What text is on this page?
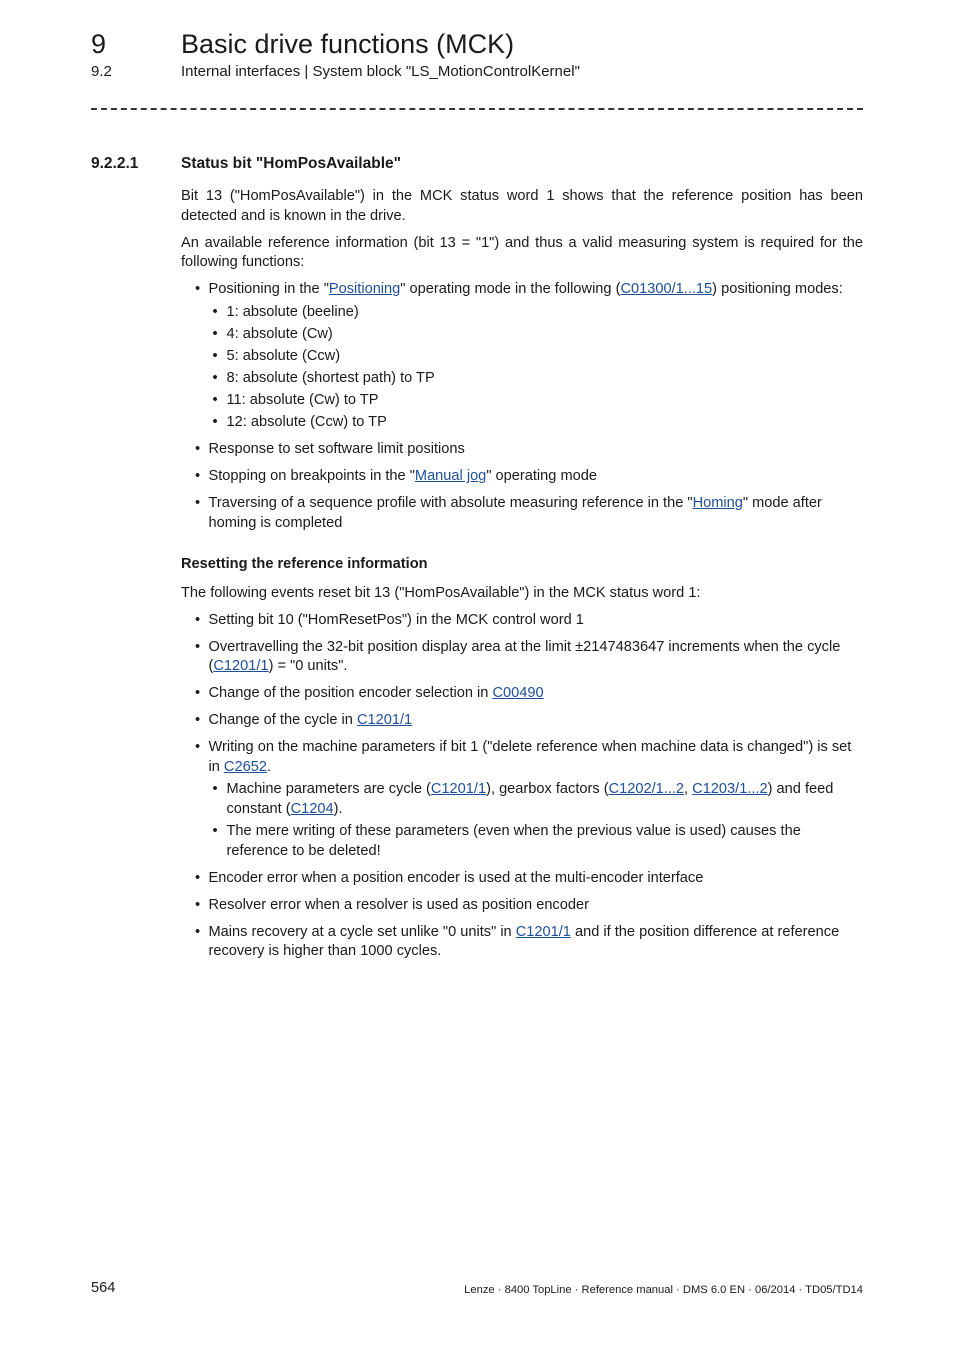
9	Basic drive functions (MCK)
9.2	Internal interfaces | System block "LS_MotionControlKernel"
9.2.2.1	Status bit "HomPosAvailable"

Bit 13 ("HomPosAvailable") in the MCK status word 1 shows that the reference position has been detected and is known in the drive.

An available reference information (bit 13 = "1") and thus a valid measuring system is required for the following functions:

• Positioning in the "Positioning" operating mode in the following (C01300/1...15) positioning modes:
• 1: absolute (beeline)
• 4: absolute (Cw)
• 5: absolute (Ccw)
• 8: absolute (shortest path) to TP
• 11: absolute (Cw) to TP
• 12: absolute (Ccw) to TP
• Response to set software limit positions
• Stopping on breakpoints in the "Manual jog" operating mode
• Traversing of a sequence profile with absolute measuring reference in the "Homing" mode after homing is completed
Resetting the reference information

The following events reset bit 13 ("HomPosAvailable") in the MCK status word 1:

• Setting bit 10 ("HomResetPos") in the MCK control word 1
• Overtravelling the 32-bit position display area at the limit ±2147483647 increments when the cycle (C1201/1) = "0 units".
• Change of the position encoder selection in C00490
• Change of the cycle in C1201/1
• Writing on the machine parameters if bit 1 ("delete reference when machine data is changed") is set in C2652.
• Machine parameters are cycle (C1201/1), gearbox factors (C1202/1...2, C1203/1...2) and feed constant (C1204).
• The mere writing of these parameters (even when the previous value is used) causes the reference to be deleted!
• Encoder error when a position encoder is used at the multi-encoder interface
• Resolver error when a resolver is used as position encoder
• Mains recovery at a cycle set unlike "0 units" in C1201/1 and if the position difference at reference recovery is higher than 1000 cycles.
564	Lenze · 8400 TopLine · Reference manual · DMS 6.0 EN · 06/2014 · TD05/TD14
